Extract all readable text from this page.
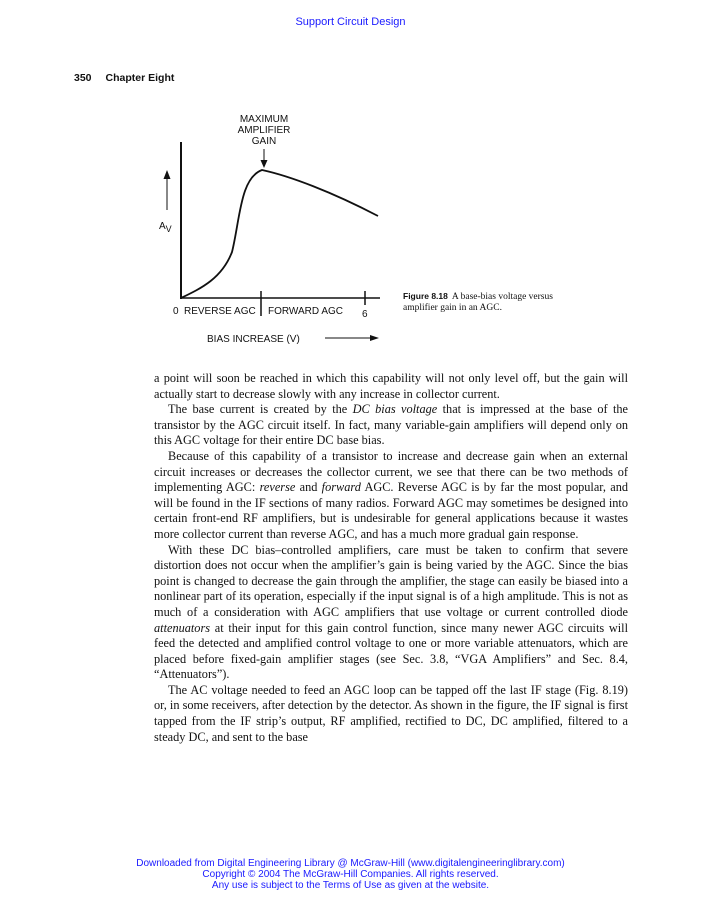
Support Circuit Design
350 Chapter Eight
MAXIMUM
AMPLIFIER
GAIN
AV
0 REVERSE AGC FORWARD AGC 6
BIAS INCREASE (V)
Figure 8.18 A base-bias voltage versus amplifier gain in an AGC.

a point will soon be reached in which this capability will not only level off, but the gain will actually start to decrease slowly with any increase in collector current.

The base current is created by the DC bias voltage that is impressed at the base of the transistor by the AGC circuit itself. In fact, many variable-gain amplifiers will depend only on this AGC voltage for their entire DC base bias.

Because of this capability of a transistor to increase and decrease gain when an external circuit increases or decreases the collector current, we see that there can be two methods of implementing AGC: reverse and forward AGC. Reverse AGC is by far the most popular, and will be found in the IF sections of many radios. Forward AGC may sometimes be designed into certain front-end RF amplifiers, but is undesirable for general applications because it wastes more collector current than reverse AGC, and has a much more gradual gain response.

With these DC bias–controlled amplifiers, care must be taken to confirm that severe distortion does not occur when the amplifier’s gain is being varied by the AGC. Since the bias point is changed to decrease the gain through the amplifier, the stage can easily be biased into a nonlinear part of its operation, especially if the input signal is of a high amplitude. This is not as much of a consideration with AGC amplifiers that use voltage or current controlled diode attenuators at their input for this gain control function, since many newer AGC circuits will feed the detected and amplified control voltage to one or more variable attenuators, which are placed before fixed-gain amplifier stages (see Sec. 3.8, “VGA Amplifiers” and Sec. 8.4, “Attenuators”).

The AC voltage needed to feed an AGC loop can be tapped off the last IF stage (Fig. 8.19) or, in some receivers, after detection by the detector. As shown in the figure, the IF signal is first tapped from the IF strip’s output, RF amplified, rectified to DC, DC amplified, filtered to a steady DC, and sent to the base

Downloaded from Digital Engineering Library @ McGraw-Hill (www.digitalengineeringlibrary.com)
Copyright © 2004 The McGraw-Hill Companies. All rights reserved.
Any use is subject to the Terms of Use as given at the website.
